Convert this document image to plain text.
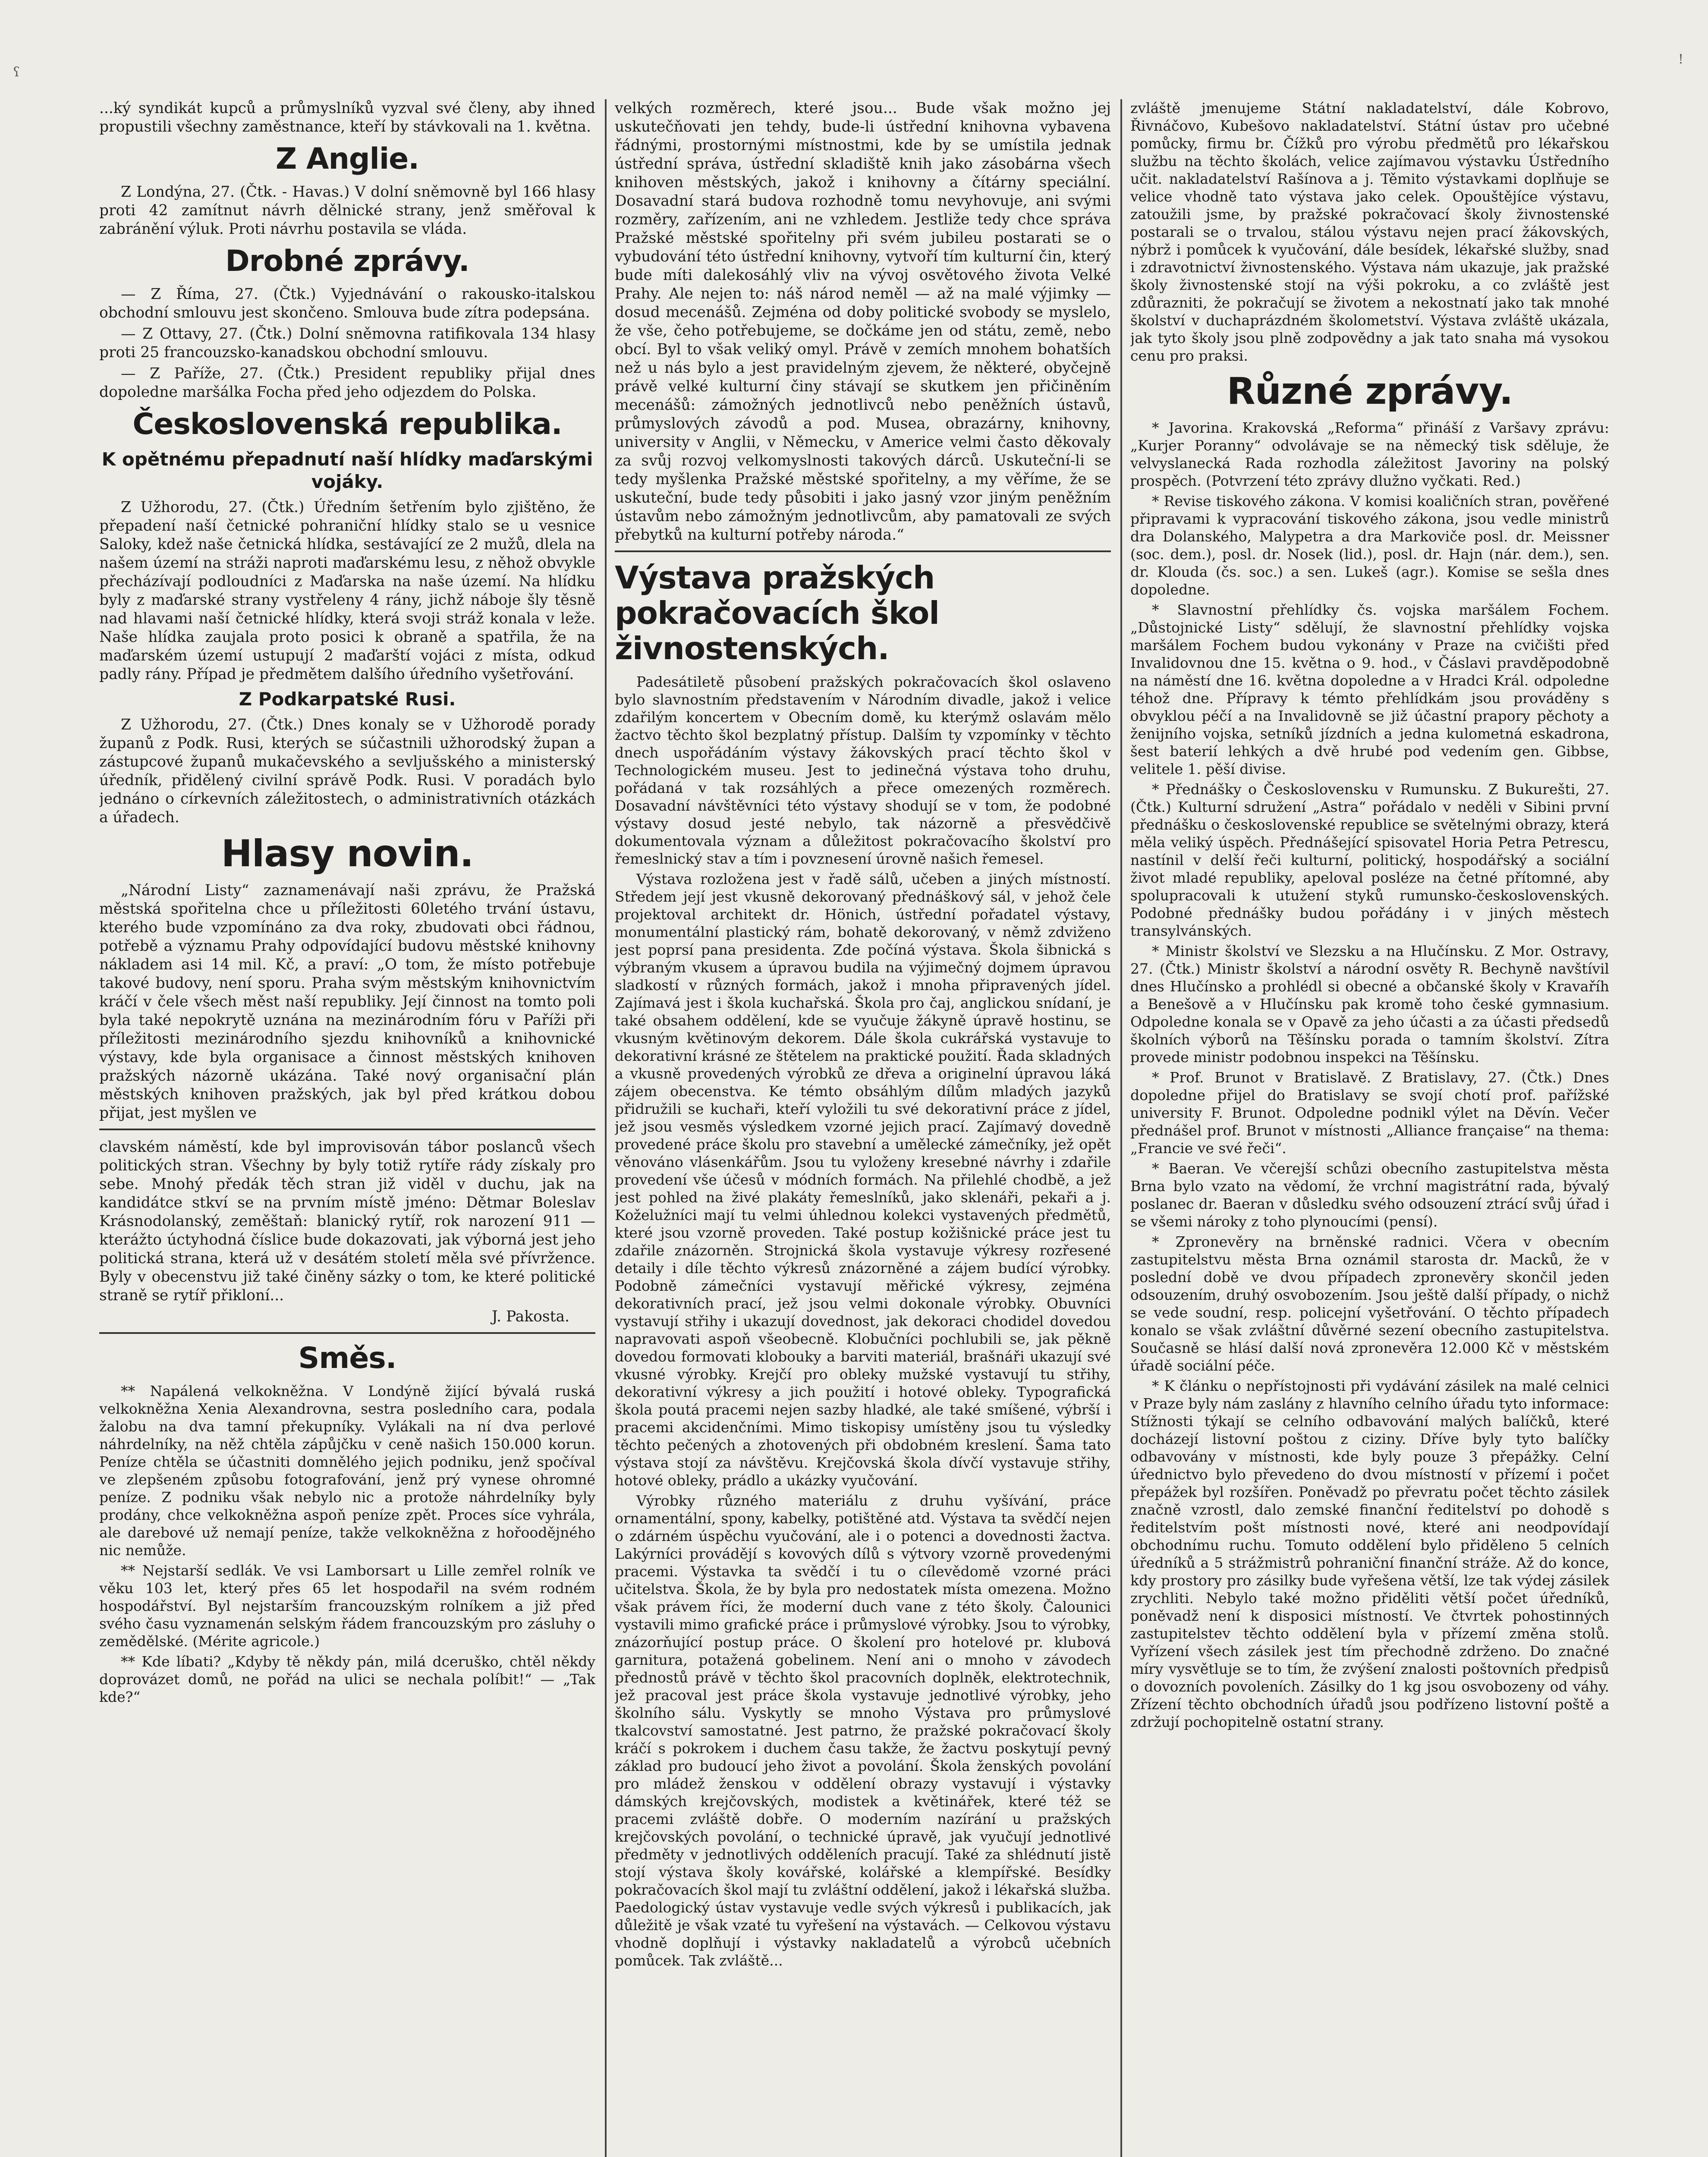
ʕ
!

...ký syndikát kupců a průmyslníků vyzval své členy, aby ihned propustili všechny zaměstnance, kteří by stávkovali na 1. května.

Z Anglie.

Z Londýna, 27. (Čtk. - Havas.) V dolní sněmovně byl 166 hlasy proti 42 zamítnut návrh dělnické strany, jenž směřoval k zabránění výluk. Proti návrhu postavila se vláda.

Drobné zprávy.

— Z Říma, 27. (Čtk.) Vyjednávání o rakousko-italskou obchodní smlouvu jest skončeno. Smlouva bude zítra podepsána.

— Z Ottavy, 27. (Čtk.) Dolní sněmovna ratifikovala 134 hlasy proti 25 francouzsko-kanadskou obchodní smlouvu.

— Z Paříže, 27. (Čtk.) President republiky přijal dnes dopoledne maršálka Focha před jeho odjezdem do Polska.

Československá republika.
K opětnému přepadnutí naší hlídky maďarskými vojáky.

Z Užhorodu, 27. (Čtk.) Úředním šetřením bylo zjištěno, že přepadení naší četnické pohraniční hlídky stalo se u vesnice Saloky, kdež naše četnická hlídka, sestávající ze 2 mužů, dlela na našem území na stráži naproti maďarskému lesu, z něhož obvykle přecházívají podloudníci z Maďarska na naše území. Na hlídku byly z maďarské strany vystřeleny 4 rány, jichž náboje šly těsně nad hlavami naší četnické hlídky, která svoji stráž konala v leže. Naše hlídka zaujala proto posici k obraně a spatřila, že na maďarském území ustupují 2 maďarští vojáci z místa, odkud padly rány. Případ je předmětem dalšího úředního vyšetřování.

Z Podkarpatské Rusi.

Z Užhorodu, 27. (Čtk.) Dnes konaly se v Užhorodě porady županů z Podk. Rusi, kterých se súčastnili užhorodský župan a zástupcové županů mukačevského a sevljušského a ministerský úředník, přidělený civilní správě Podk. Rusi. V poradách bylo jednáno o církevních záležitostech, o administrativních otázkách a úřadech.

Hlasy novin.

„Národní Listy“ zaznamenávají naši zprávu, že Pražská městská spořitelna chce u příležitosti 60letého trvání ústavu, kterého bude vzpomínáno za dva roky, zbudovati obci řádnou, potřebě a významu Prahy odpovídající budovu městské knihovny nákladem asi 14 mil. Kč, a praví: „O tom, že místo potřebuje takové budovy, není sporu. Praha svým městským knihovnictvím kráčí v čele všech měst naší republiky. Její činnost na tomto poli byla také nepokrytě uznána na mezinárodním fóru v Paříži při příležitosti mezinárodního sjezdu knihovníků a knihovnické výstavy, kde byla organisace a činnost městských knihoven pražských názorně ukázána. Také nový organisační plán městských knihoven pražských, jak byl před krátkou dobou přijat, jest myšlen ve

clavském náměstí, kde byl improvisován tábor poslanců všech politických stran. Všechny by byly totiž rytíře rády získaly pro sebe. Mnohý předák těch stran již viděl v duchu, jak na kandidátce stkví se na prvním místě jméno: Dětmar Boleslav Krásnodolanský, zeměštaň: blanický rytíř, rok narození 911 — kterážto úctyhodná číslice bude dokazovati, jak výborná jest jeho politická strana, která už v desátém století měla své přívržence. Byly v obecenstvu již také činěny sázky o tom, ke které politické straně se rytíř přikloní...

J. Pakosta.

Směs.

** Napálená velkokněžna. V Londýně žijící bývalá ruská velkokněžna Xenia Alexandrovna, sestra posledního cara, podala žalobu na dva tamní překupníky. Vylákali na ní dva perlové náhrdelníky, na něž chtěla zápůjčku v ceně našich 150.000 korun. Peníze chtěla se účastniti domnělého jejich podniku, jenž spočíval ve zlepšeném způsobu fotografování, jenž prý vynese ohromné peníze. Z podniku však nebylo nic a protože náhrdelníky byly prodány, chce velkokněžna aspoň peníze zpět. Proces síce vyhrála, ale darebové už nemají peníze, takže velkokněžna z hořoodějného nic nemůže.

** Nejstarší sedlák. Ve vsi Lamborsart u Lille zemřel rolník ve věku 103 let, který přes 65 let hospodařil na svém rodném hospodářství. Byl nejstarším francouzským rolníkem a již před svého času vyznamenán selským řádem francouzským pro zásluhy o zemědělské. (Mérite agricole.)

** Kde líbati? „Kdyby tě někdy pán, milá dceruško, chtěl někdy doprovázet domů, ne pořád na ulici se nechala políbit!“ — „Tak kde?“

velkých rozměrech, které jsou... Bude však možno jej uskutečňovati jen tehdy, bude-li ústřední knihovna vybavena řádnými, prostornými místnostmi, kde by se umístila jednak ústřední správa, ústřední skladiště knih jako zásobárna všech knihoven městských, jakož i knihovny a čítárny speciální. Dosavadní stará budova rozhodně tomu nevyhovuje, ani svými rozměry, zařízením, ani ne vzhledem. Jestliže tedy chce správa Pražské městské spořitelny při svém jubileu postarati se o vybudování této ústřední knihovny, vytvoří tím kulturní čin, který bude míti dalekosáhlý vliv na vývoj osvětového života Velké Prahy. Ale nejen to: náš národ neměl — až na malé výjimky — dosud mecenášů. Zejména od doby politické svobody se myslelo, že vše, čeho potřebujeme, se dočkáme jen od státu, země, nebo obcí. Byl to však veliký omyl. Právě v zemích mnohem bohatších než u nás bylo a jest pravidelným zjevem, že některé, obyčejně právě velké kulturní činy stávají se skutkem jen přičiněním mecenášů: zámožných jednotlivců nebo peněžních ústavů, průmyslových závodů a pod. Musea, obrazárny, knihovny, university v Anglii, v Německu, v Americe velmi často děkovaly za svůj rozvoj velkomyslnosti takových dárců. Uskuteční-li se tedy myšlenka Pražské městské spořitelny, a my věříme, že se uskuteční, bude tedy působiti i jako jasný vzor jiným peněžním ústavům nebo zámožným jednotlivcům, aby pamatovali ze svých přebytků na kulturní potřeby národa.“

Výstava pražských pokračovacích škol živnostenských.

Padesátiletě působení pražských pokračovacích škol oslaveno bylo slavnostním představením v Národním divadle, jakož i velice zdařilým koncertem v Obecním domě, ku kterýmž oslavám mělo žactvo těchto škol bezplatný přístup. Dalším ty vzpomínky v těchto dnech uspořádáním výstavy žákovských prací těchto škol v Technologickém museu. Jest to jedinečná výstava toho druhu, pořádaná v tak rozsáhlých a přece omezených rozměrech. Dosavadní návštěvníci této výstavy shodují se v tom, že podobné výstavy dosud jesté nebylo, tak názorně a přesvědčivě dokumentovala význam a důležitost pokračovacího školství pro řemeslnický stav a tím i povznesení úrovně našich řemesel.

Výstava rozložena jest v řadě sálů, učeben a jiných místností. Středem její jest vkusně dekorovaný přednáškový sál, v jehož čele projektoval architekt dr. Hönich, ústřední pořadatel výstavy, monumentální plastický rám, bohatě dekorovaný, v němž zdviženo jest poprsí pana presidenta. Zde počíná výstava. Škola šibnická s výbraným vkusem a úpravou budila na výjimečný dojmem úpravou sladkostí v různých formách, jakož i mnoha připravených jídel. Zajímavá jest i škola kuchařská. Škola pro čaj, anglickou snídaní, je také obsahem oddělení, kde se vyučuje žákyně úpravě hostinu, se vkusným květinovým dekorem. Dále škola cukrářská vystavuje to dekorativní krásné ze štětelem na praktické použití. Řada skladných a vkusně provedených výrobků ze dřeva a originelní úpravou láká zájem obecenstva. Ke témto obsáhlým dílům mladých jazyků přidružili se kuchaři, kteří vyložili tu své dekorativní práce z jídel, jež jsou vesměs výsledkem vzorné jejich prací. Zajímavý dovedně provedené práce školu pro stavební a umělecké zámečníky, jež opět věnováno vlásenkářům. Jsou tu vyloženy kresebné návrhy i zdařile provedení vše účesů v módních formách. Na přilehlé chodbě, a jež jest pohled na živé plakáty řemeslníků, jako sklenáři, pekaři a j. Koželužníci mají tu velmi úhlednou kolekci vystavených předmětů, které jsou vzorně proveden. Také postup kožišnické práce jest tu zdařile znázorněn. Strojnická škola vystavuje výkresy rozřesené detaily i díle těchto výkresů znázorněné a zájem budící výrobky. Podobně zámečníci vystavují měřické výkresy, zejména dekorativních prací, jež jsou velmi dokonale výrobky. Obuvníci vystavují střihy i ukazují dovednost, jak dekoraci chodidel dovedou napravovati aspoň všeobecně. Klobučníci pochlubili se, jak pěkně dovedou formovati klobouky a barviti materiál, brašnáři ukazují své vkusné výrobky. Krejčí pro obleky mužské vystavují tu střihy, dekorativní výkresy a jich použití i hotové obleky. Typografická škola poutá pracemi nejen sazby hladké, ale také smíšené, výbrší i pracemi akcidenčními. Mimo tiskopisy umístěny jsou tu výsledky těchto pečených a zhotovených při obdobném kreslení. Šama tato výstava stojí za návštěvu. Krejčovská škola dívčí vystavuje střihy, hotové obleky, prádlo a ukázky vyučování.

Výrobky různého materiálu z druhu vyšívání, práce ornamentální, spony, kabelky, potištěné atd. Výstava ta svědčí nejen o zdárném úspěchu vyučování, ale i o potenci a dovednosti žactva. Lakýrníci provádějí s kovových dílů s výtvory vzorně provedenými pracemi. Výstavka ta svědčí i tu o cílevědomě vzorné práci učitelstva. Škola, že by byla pro nedostatek místa omezena. Možno však právem říci, že moderní duch vane z této školy. Čalounici vystavili mimo grafické práce i průmyslové výrobky. Jsou to výrobky, znázorňující postup práce. O školení pro hotelové pr. klubová garnitura, potažená gobelinem. Není ani o mnoho v závodech přednostů právě v těchto škol pracovních doplněk, elektrotechnik, jež pracoval jest práce škola vystavuje jednotlivé výrobky, jeho školního sálu. Vyskytly se mnoho Výstava pro průmyslové tkalcovství samostatné. Jest patrno, že pražské pokračovací školy kráčí s pokrokem i duchem času takže, že žactvu poskytují pevný základ pro budoucí jeho život a povolání. Škola ženských povolání pro mládež ženskou v oddělení obrazy vystavují i výstavky dámských krejčovských, modistek a květinářek, které též se pracemi zvláště dobře. O moderním nazírání u pražských krejčovských povolání, o technické úpravě, jak vyučují jednotlivé předměty v jednotlivých odděleních pracují. Také za shlédnutí jistě stojí výstava školy kovářské, kolářské a klempířské. Besídky pokračovacích škol mají tu zvláštní oddělení, jakož i lékařská služba. Paedologický ústav vystavuje vedle svých výkresů i publikacích, jak důležitě je však vzaté tu vyřešení na výstavách. — Celkovou výstavu vhodně doplňují i výstavky nakladatelů a výrobců učebních pomůcek. Tak zvláště...

zvláště jmenujeme Státní nakladatelství, dále Kobrovo, Řivnáčovo, Kubešovo nakladatelství. Státní ústav pro učebné pomůcky, firmu br. Čížků pro výrobu předmětů pro lékařskou službu na těchto školách, velice zajímavou výstavku Ústředního učit. nakladatelství Rašínova a j. Těmito výstavkami doplňuje se velice vhodně tato výstava jako celek. Opouštějíce výstavu, zatoužili jsme, by pražské pokračovací školy živnostenské postarali se o trvalou, stálou výstavu nejen prací žákovských, nýbrž i pomůcek k vyučování, dále besídek, lékařské služby, snad i zdravotnictví živnostenského. Výstava nám ukazuje, jak pražské školy živnostenské stojí na výši pokroku, a co zvláště jest zdůrazniti, že pokračují se životem a nekostnatí jako tak mnohé školství v duchaprázdném školometství. Výstava zvláště ukázala, jak tyto školy jsou plně zodpovědny a jak tato snaha má vysokou cenu pro praksi.

Různé zprávy.

* Javorina. Krakovská „Reforma“ přináší z Varšavy zprávu: „Kurjer Poranny“ odvolávaje se na německý tisk sděluje, že velvyslanecká Rada rozhodla záležitost Javoriny na polský prospěch. (Potvrzení této zprávy dlužno vyčkati. Red.)

* Revise tiskového zákona. V komisi koaličních stran, pověřené připravami k vypracování tiskového zákona, jsou vedle ministrů dra Dolanského, Malypetra a dra Markoviče posl. dr. Meissner (soc. dem.), posl. dr. Nosek (lid.), posl. dr. Hajn (nár. dem.), sen. dr. Klouda (čs. soc.) a sen. Lukeš (agr.). Komise se sešla dnes dopoledne.

* Slavnostní přehlídky čs. vojska maršálem Fochem. „Důstojnické Listy“ sdělují, že slavnostní přehlídky vojska maršálem Fochem budou vykonány v Praze na cvičišti před Invalidovnou dne 15. května o 9. hod., v Čáslavi pravděpodobně na náměstí dne 16. května dopoledne a v Hradci Král. odpoledne téhož dne. Přípravy k témto přehlídkám jsou prováděny s obvyklou péčí a na Invalidovně se již účastní prapory pěchoty a ženijního vojska, setníků jízdních a jedna kulometná eskadrona, šest baterií lehkých a dvě hrubé pod vedením gen. Gibbse, velitele 1. pěší divise.

* Přednášky o Československu v Rumunsku. Z Bukurešti, 27. (Čtk.) Kulturní sdružení „Astra“ pořádalo v neděli v Sibini první přednášku o československé republice se světelnými obrazy, která měla veliký úspěch. Přednášející spisovatel Horia Petra Petrescu, nastínil v delší řeči kulturní, politický, hospodářský a sociální život mladé republiky, apeloval posléze na četné přítomné, aby spolupracovali k utužení styků rumunsko-československých. Podobné přednášky budou pořádány i v jiných městech transylvánských.

* Ministr školství ve Slezsku a na Hlučínsku. Z Mor. Ostravy, 27. (Čtk.) Ministr školství a národní osvěty R. Bechyně navštívil dnes Hlučínsko a prohlédl si obecné a občanské školy v Kravaříh a Benešově a v Hlučínsku pak kromě toho české gymnasium. Odpoledne konala se v Opavě za jeho účasti a za účasti předsedů školních výborů na Těšínsku porada o tamním školství. Zítra provede ministr podobnou inspekci na Těšínsku.

* Prof. Brunot v Bratislavě. Z Bratislavy, 27. (Čtk.) Dnes dopoledne přijel do Bratislavy se svojí chotí prof. pařížské university F. Brunot. Odpoledne podnikl výlet na Děvín. Večer přednášel prof. Brunot v místnosti „Alliance française“ na thema: „Francie ve své řeči“.

* Baeran. Ve včerejší schůzi obecního zastupitelstva města Brna bylo vzato na vědomí, že vrchní magistrátní rada, bývalý poslanec dr. Baeran v důsledku svého odsouzení ztrácí svůj úřad i se všemi nároky z toho plynoucími (pensí).

* Zpronevěry na brněnské radnici. Včera v obecním zastupitelstvu města Brna oznámil starosta dr. Macků, že v poslední době ve dvou případech zpronevěry skončil jeden odsouzením, druhý osvobozením. Jsou ještě další případy, o nichž se vede soudní, resp. policejní vyšetřování. O těchto případech konalo se však zvláštní důvěrné sezení obecního zastupitelstva. Současně se hlásí další nová zpronevěra 12.000 Kč v městském úřadě sociální péče.

* K článku o nepřístojnosti při vydávání zásilek na malé celnici v Praze byly nám zaslány z hlavního celního úřadu tyto informace: Stížnosti týkají se celního odbavování malých balíčků, které docházejí listovní poštou z ciziny. Dříve byly tyto balíčky odbavovány v místnosti, kde byly pouze 3 přepážky. Celní úřednictvo bylo převedeno do dvou místností v přízemí i počet přepážek byl rozšířen. Poněvadž po převratu počet těchto zásilek značně vzrostl, dalo zemské finanční ředitelství po dohodě s ředitelstvím pošt místnosti nové, které ani neodpovídají obchodnímu ruchu. Tomuto oddělení bylo přiděleno 5 celních úředníků a 5 strážmistrů pohraniční finanční stráže. Až do konce, kdy prostory pro zásilky bude vyřešena větší, lze tak výdej zásilek zrychliti. Nebylo také možno přiděliti větší počet úředníků, poněvadž není k disposici místností. Ve čtvrtek pohostinných zastupitelstev těchto oddělení byla v přízemí změna stolů. Vyřízení všech zásilek jest tím přechodně zdrženo. Do značné míry vysvětluje se to tím, že zvýšení znalosti poštovních předpisů o dovozních povoleních. Zásilky do 1 kg jsou osvobozeny od váhy. Zřízení těchto obchodních úřadů jsou podřízeno listovní poště a zdržují pochopitelně ostatní strany.
